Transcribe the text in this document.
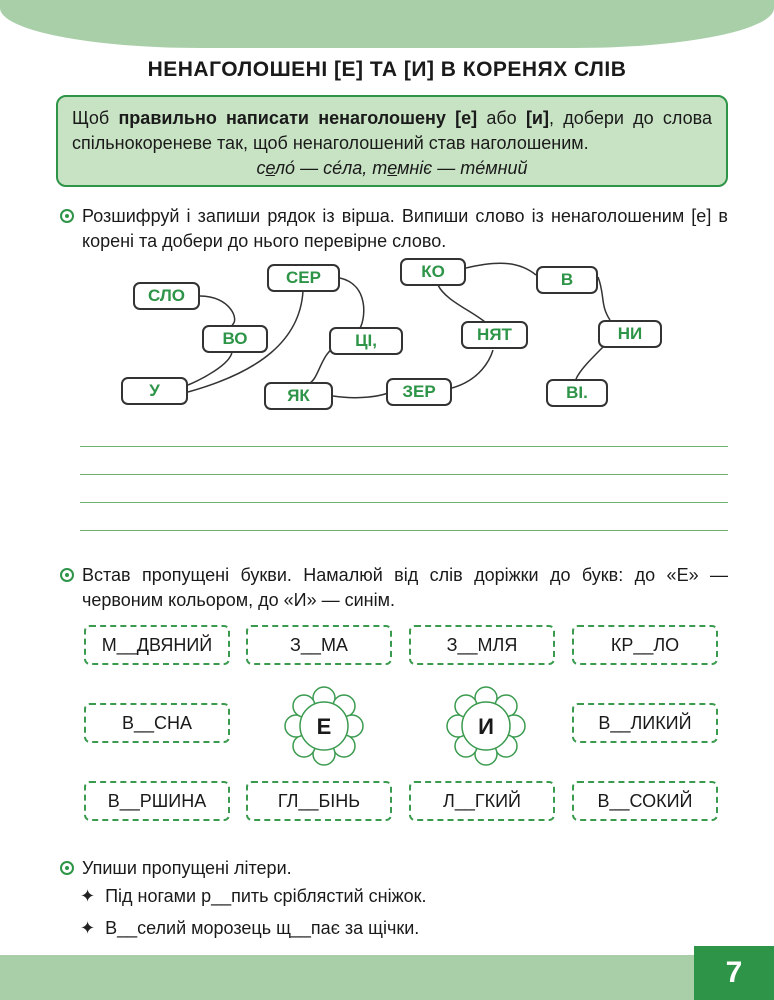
НЕНАГОЛОШЕНІ [Е] ТА [И] В КОРЕНЯХ СЛІВ
Щоб правильно написати ненаголошену [е] або [и], добери до слова спільнокореневе так, щоб ненаголошений став наголошеним.
село́ — се́ла, темніє — те́мний
Розшифруй і запиши рядок із вірша. Випиши слово із ненаголошеним [е] в корені та добери до нього перевірне слово.
СЛО
ВО
У
СЕР
ЦІ,
ЯК	ЗЕР
КО
НЯТ
В
НИ
ВІ.
Встав пропущені букви. Намалюй від слів доріжки до букв: до «Е» — червоним кольором, до «И» — синім.
М__ДВЯНИЙ	З__МА	З__МЛЯ	КР__ЛО
В__СНА	В__ЛИКИЙ
В__РШИНА	ГЛ__БІНЬ	Л__ГКИЙ	В__СОКИЙ
Е	И
Упиши пропущені літери.
✦ Під ногами р__пить сріблястий сніжок.
✦ В__селий морозець щ__пає за щічки.
7
